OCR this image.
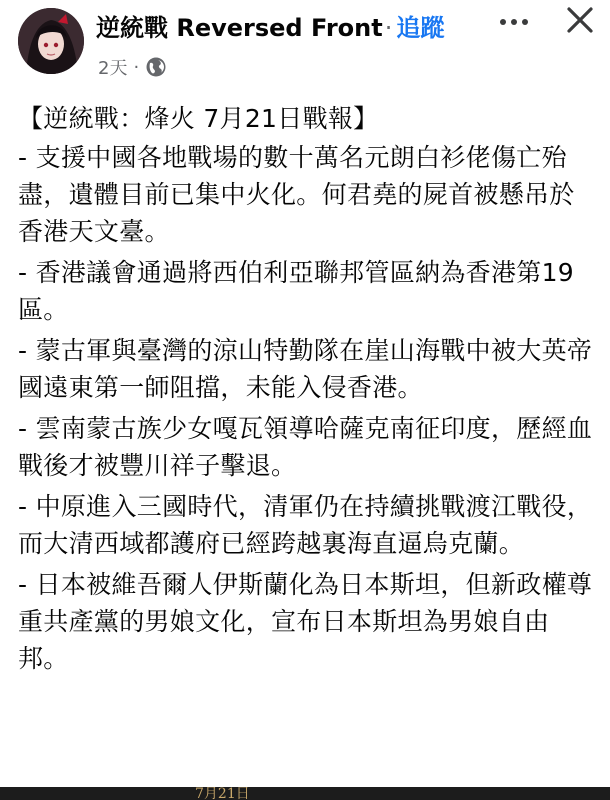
逆統戰 Reversed Front· 追蹤
2天 ·

【逆統戰：烽火 7月21日戰報】

- 支援中國各地戰場的數十萬名元朗白衫佬傷亡殆盡，遺體目前已集中火化。何君堯的屍首被懸吊於香港天文臺。

- 香港議會通過將西伯利亞聯邦管區納為香港第19區。

- 蒙古軍與臺灣的涼山特勤隊在崖山海戰中被大英帝國遠東第一師阻擋，未能入侵香港。

- 雲南蒙古族少女嘎瓦領導哈薩克南征印度，歷經血戰後才被豐川祥子擊退。

- 中原進入三國時代，清軍仍在持續挑戰渡江戰役，而大清西域都護府已經跨越裏海直逼烏克蘭。

- 日本被維吾爾人伊斯蘭化為日本斯坦，但新政權尊重共產黨的男娘文化，宣布日本斯坦為男娘自由邦。

7月21日
